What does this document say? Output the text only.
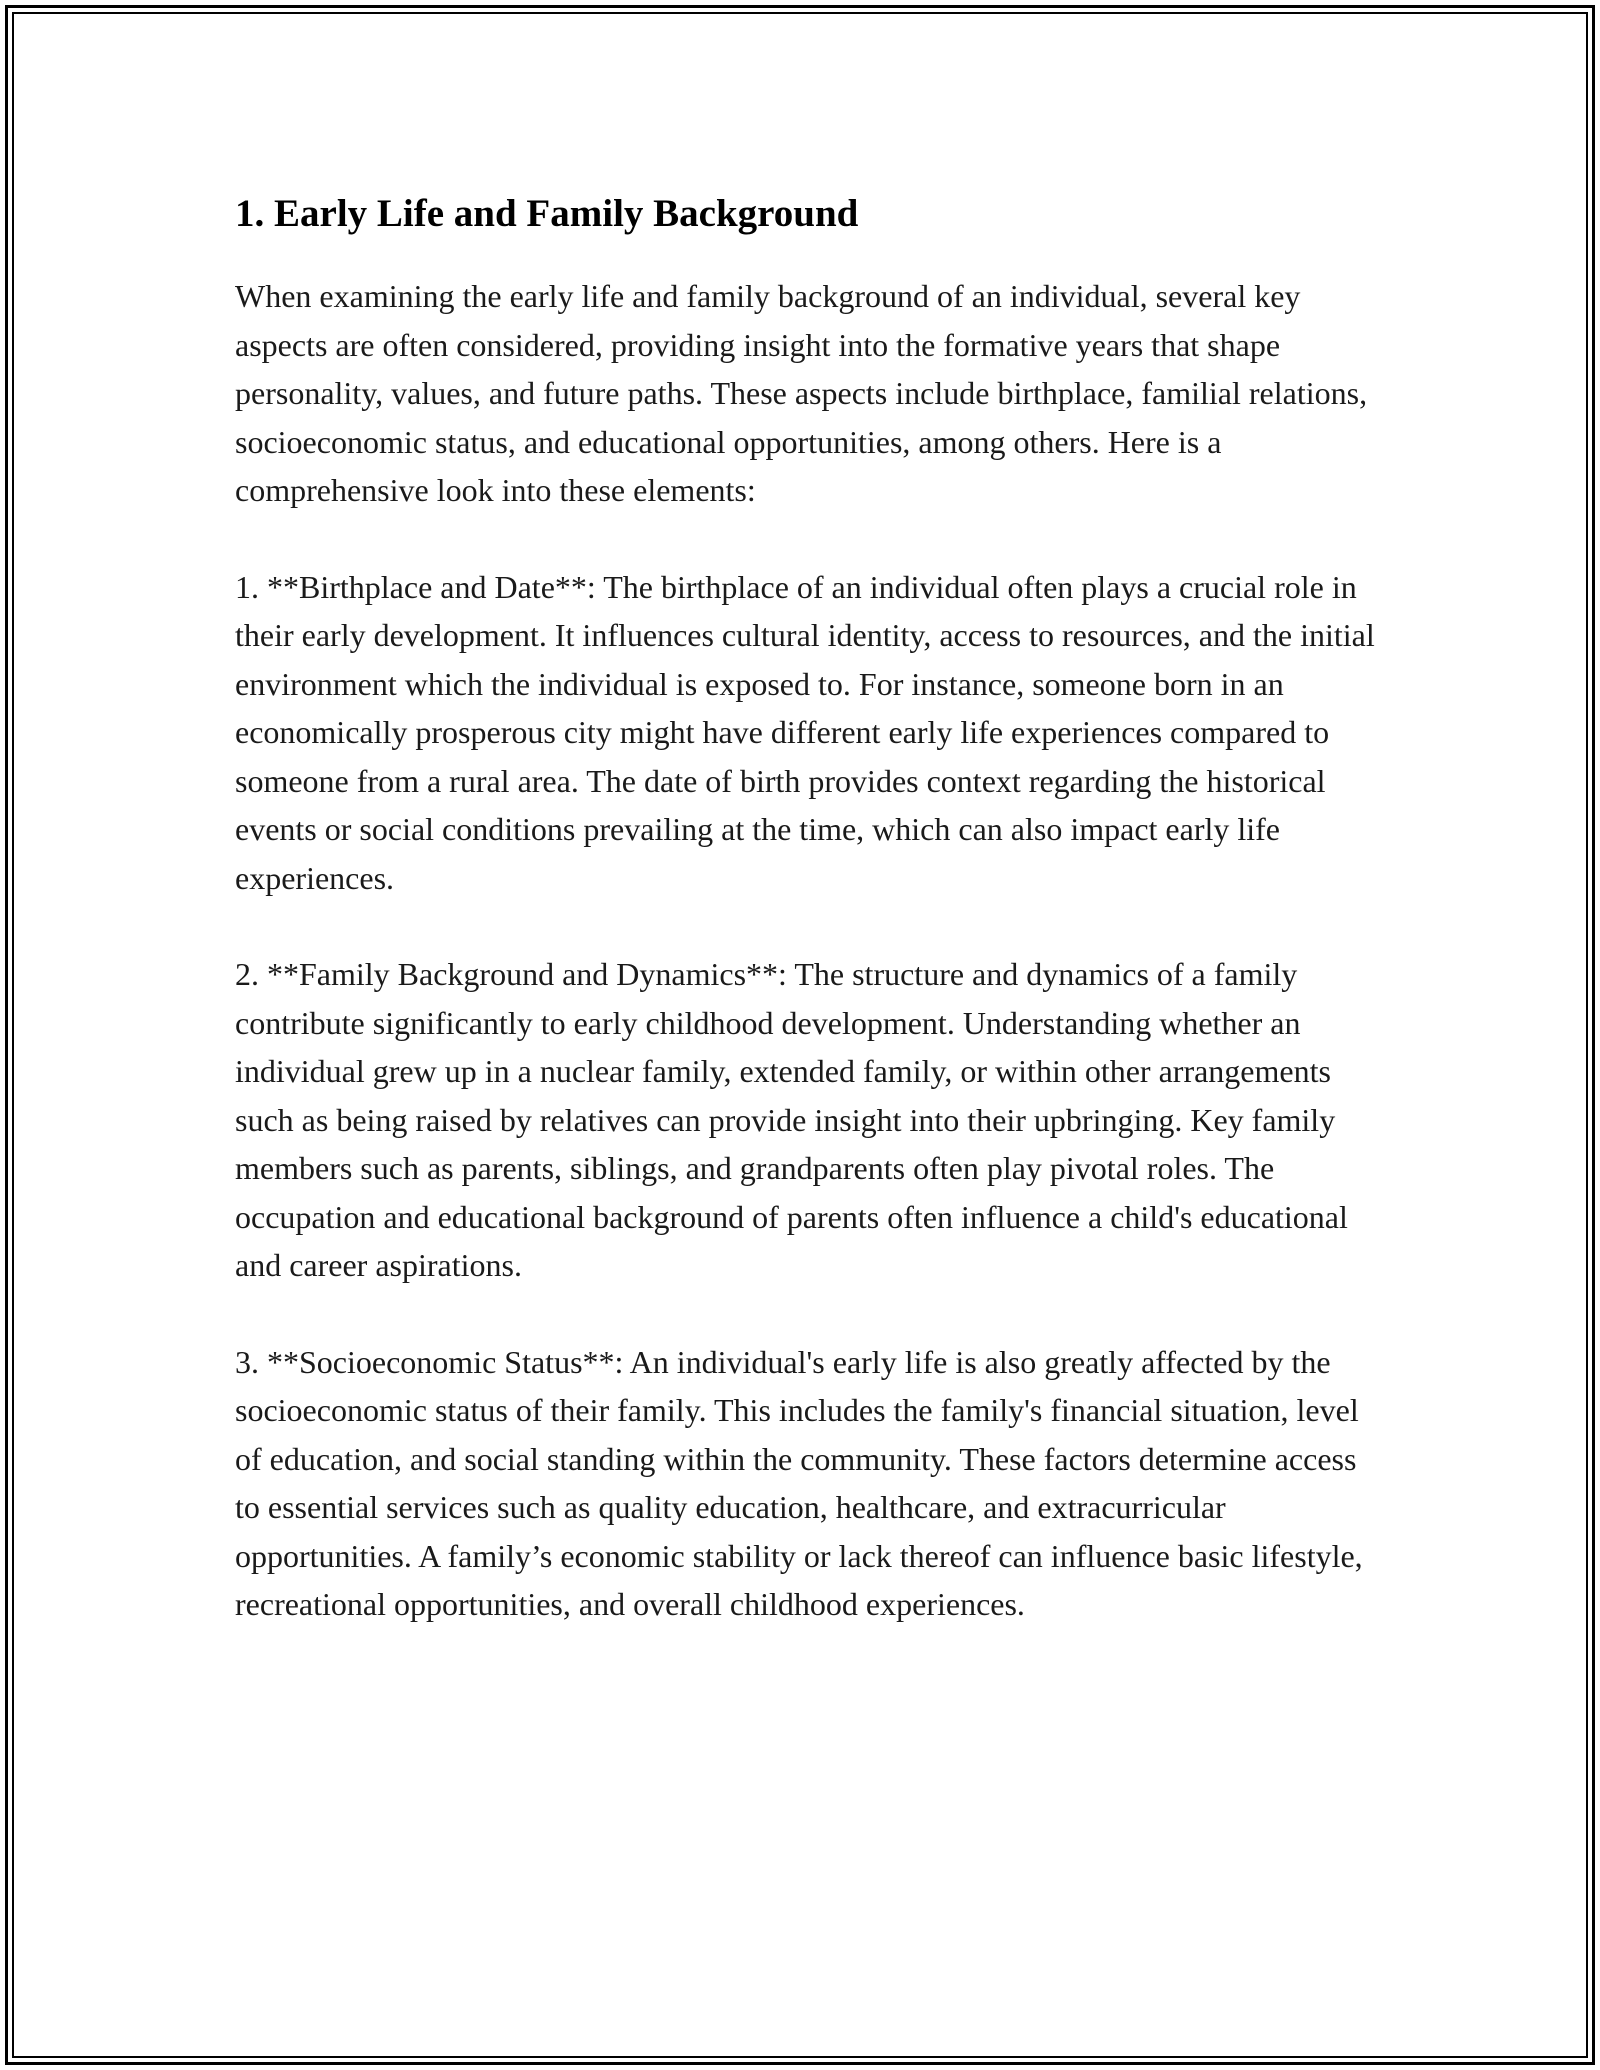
1. Early Life and Family Background

When examining the early life and family background of an individual, several key aspects are often considered, providing insight into the formative years that shape personality, values, and future paths. These aspects include birthplace, familial relations, socioeconomic status, and educational opportunities, among others. Here is a comprehensive look into these elements:

1. **Birthplace and Date**: The birthplace of an individual often plays a crucial role in their early development. It influences cultural identity, access to resources, and the initial environment which the individual is exposed to. For instance, someone born in an economically prosperous city might have different early life experiences compared to someone from a rural area. The date of birth provides context regarding the historical events or social conditions prevailing at the time, which can also impact early life experiences.

2. **Family Background and Dynamics**: The structure and dynamics of a family contribute significantly to early childhood development. Understanding whether an individual grew up in a nuclear family, extended family, or within other arrangements such as being raised by relatives can provide insight into their upbringing. Key family members such as parents, siblings, and grandparents often play pivotal roles. The occupation and educational background of parents often influence a child's educational and career aspirations.

3. **Socioeconomic Status**: An individual's early life is also greatly affected by the socioeconomic status of their family. This includes the family's financial situation, level of education, and social standing within the community. These factors determine access to essential services such as quality education, healthcare, and extracurricular opportunities. A family’s economic stability or lack thereof can influence basic lifestyle, recreational opportunities, and overall childhood experiences.
